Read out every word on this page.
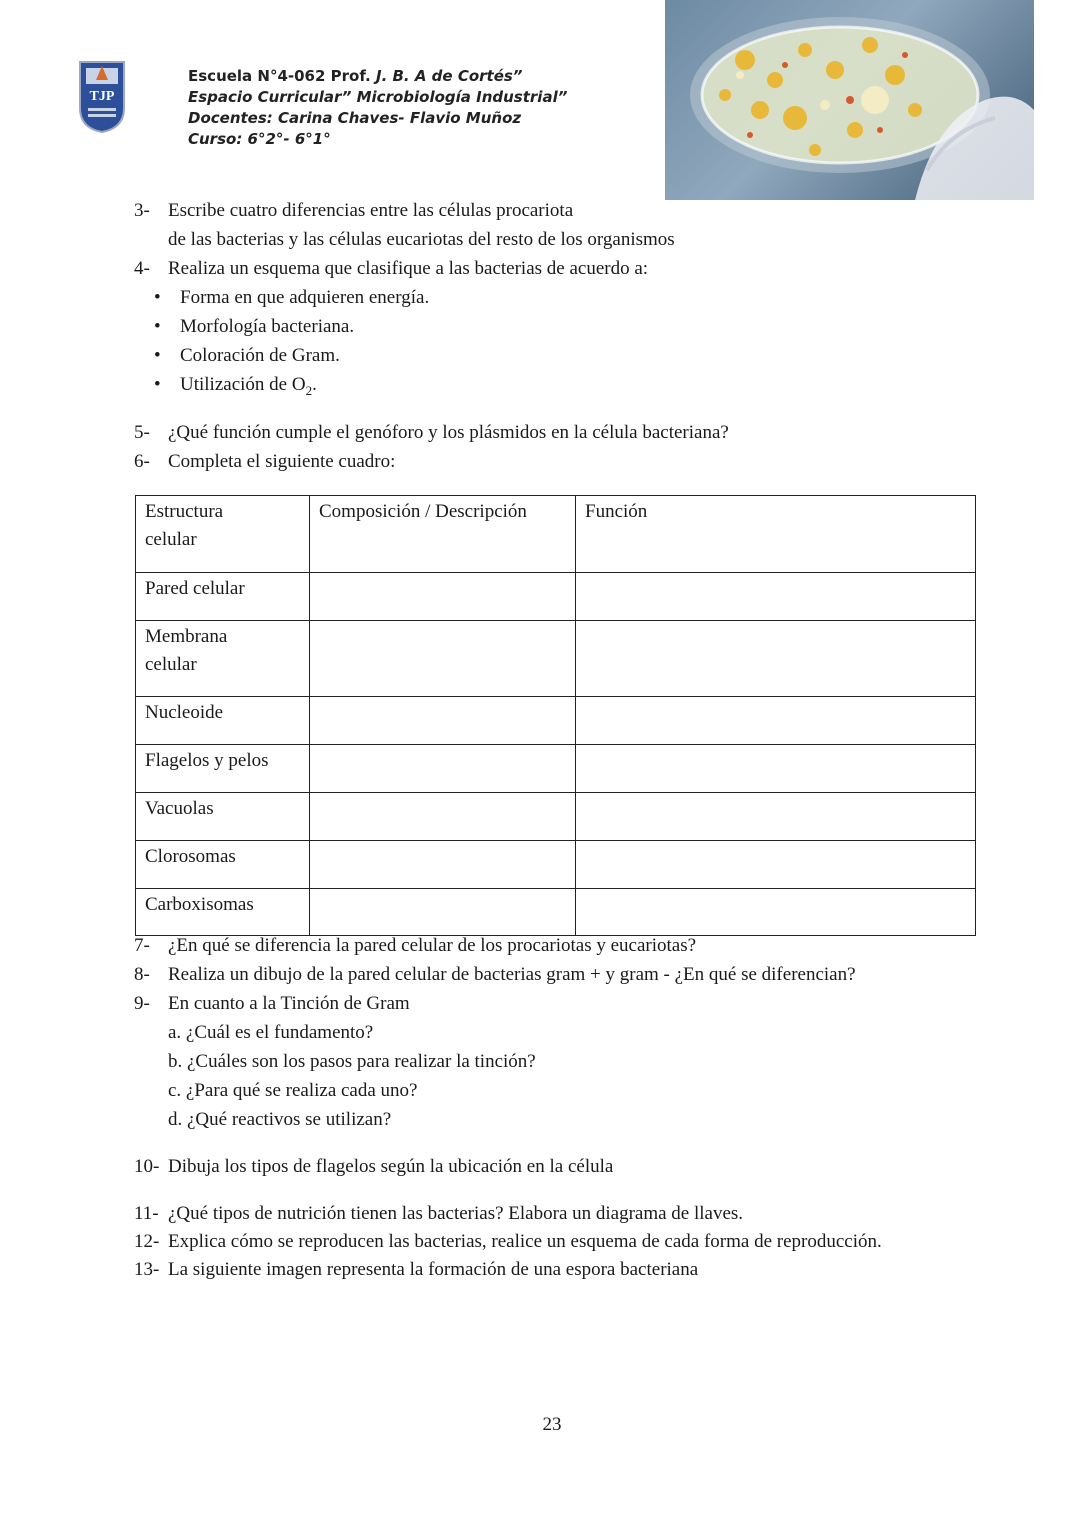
TJP
Escuela N°4-062 Prof. J. B. A de Cortés”
Espacio Curricular” Microbiología Industrial”
Docentes: Carina Chaves- Flavio Muñoz
Curso: 6°2°- 6°1°
3- Escribe cuatro diferencias entre las células procariota
de las bacterias y las células eucariotas del resto de los organismos
4- Realiza un esquema que clasifique a las bacterias de acuerdo a:
• Forma en que adquieren energía.
• Morfología bacteriana.
• Coloración de Gram.
• Utilización de $O_2$.
5- ¿Qué función cumple el genóforo y los plásmidos en la célula bacteriana?
6- Completa el siguiente cuadro:
Estructura celular	Composición / Descripción	Función
Pared celular		

Membrana celular		

Nucleoide		
Flagelos y pelos		
Vacuolas		
Clorosomas		
Carboxisomas		
7- ¿En qué se diferencia la pared celular de los procariotas y eucariotas?
8- Realiza un dibujo de la pared celular de bacterias gram + y gram - ¿En qué se diferencian?
9- En cuanto a la Tinción de Gram
a. ¿Cuál es el fundamento?
b. ¿Cuáles son los pasos para realizar la tinción?
c. ¿Para qué se realiza cada uno?
d. ¿Qué reactivos se utilizan?
10- Dibuja los tipos de flagelos según la ubicación en la célula
11- ¿Qué tipos de nutrición tienen las bacterias? Elabora un diagrama de llaves.
12- Explica cómo se reproducen las bacterias, realice un esquema de cada forma de reproducción.
13- La siguiente imagen representa la formación de una espora bacteriana
23
